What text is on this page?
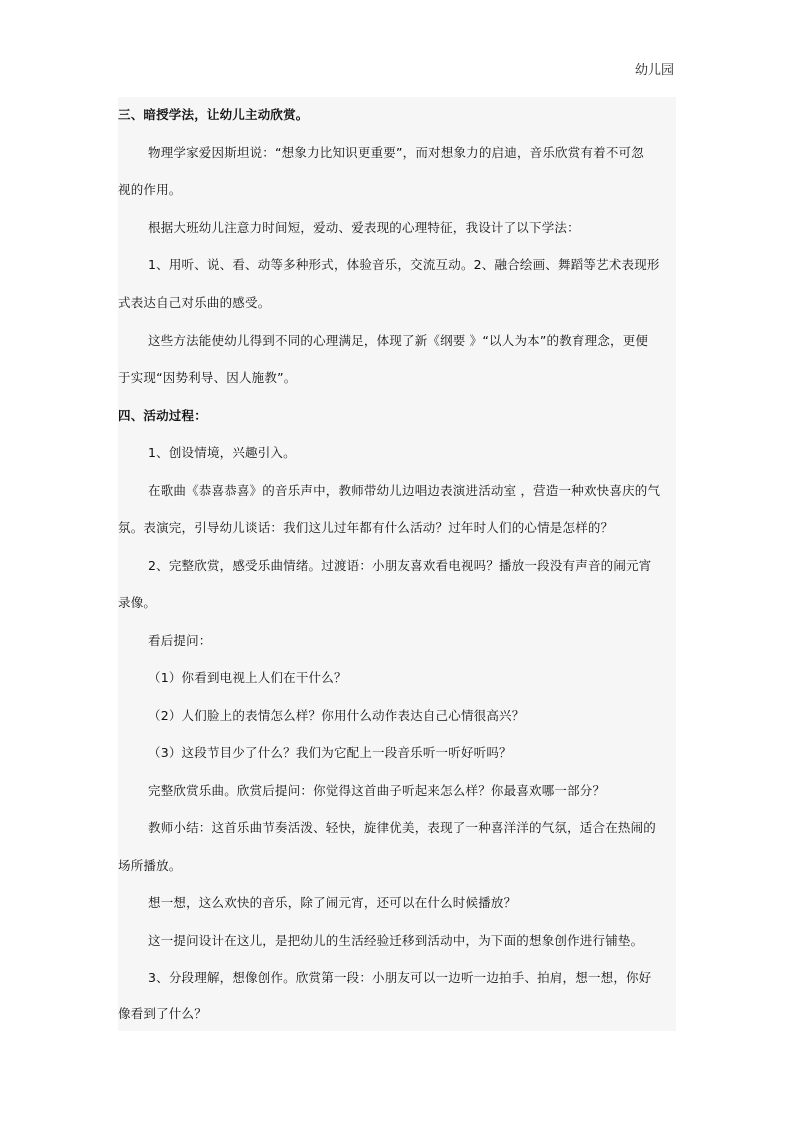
幼儿园
三、暗授学法，让幼儿主动欣赏。
物理学家爱因斯坦说：“想象力比知识更重要”，而对想象力的启迪，音乐欣赏有着不可忽
视的作用。
根据大班幼儿注意力时间短，爱动、爱表现的心理特征，我设计了以下学法：
1、用听、说、看、动等多种形式，体验音乐，交流互动。2、融合绘画、舞蹈等艺术表现形
式表达自己对乐曲的感受。
这些方法能使幼儿得到不同的心理满足，体现了新《纲要 》“以人为本”的教育理念，更便
于实现“因势利导、因人施教”。
四、活动过程：
1、创设情境，兴趣引入。
在歌曲《恭喜恭喜》的音乐声中，教师带幼儿边唱边表演进活动室 ，营造一种欢快喜庆的气
氛。表演完，引导幼儿谈话：我们这儿过年都有什么活动？过年时人们的心情是怎样的？
2、完整欣赏，感受乐曲情绪。过渡语：小朋友喜欢看电视吗？播放一段没有声音的闹元宵
录像。
看后提问：
（1）你看到电视上人们在干什么？
（2）人们脸上的表情怎么样？你用什么动作表达自己心情很高兴？
（3）这段节目少了什么？我们为它配上一段音乐听一听好听吗？
完整欣赏乐曲。欣赏后提问：你觉得这首曲子听起来怎么样？你最喜欢哪一部分？
教师小结：这首乐曲节奏活泼、轻快，旋律优美，表现了一种喜洋洋的气氛，适合在热闹的
场所播放。
想一想，这么欢快的音乐，除了闹元宵，还可以在什么时候播放？
这一提问设计在这儿，是把幼儿的生活经验迁移到活动中，为下面的想象创作进行铺垫。
3、分段理解，想像创作。欣赏第一段：小朋友可以一边听一边拍手、拍肩，想一想，你好
像看到了什么？
